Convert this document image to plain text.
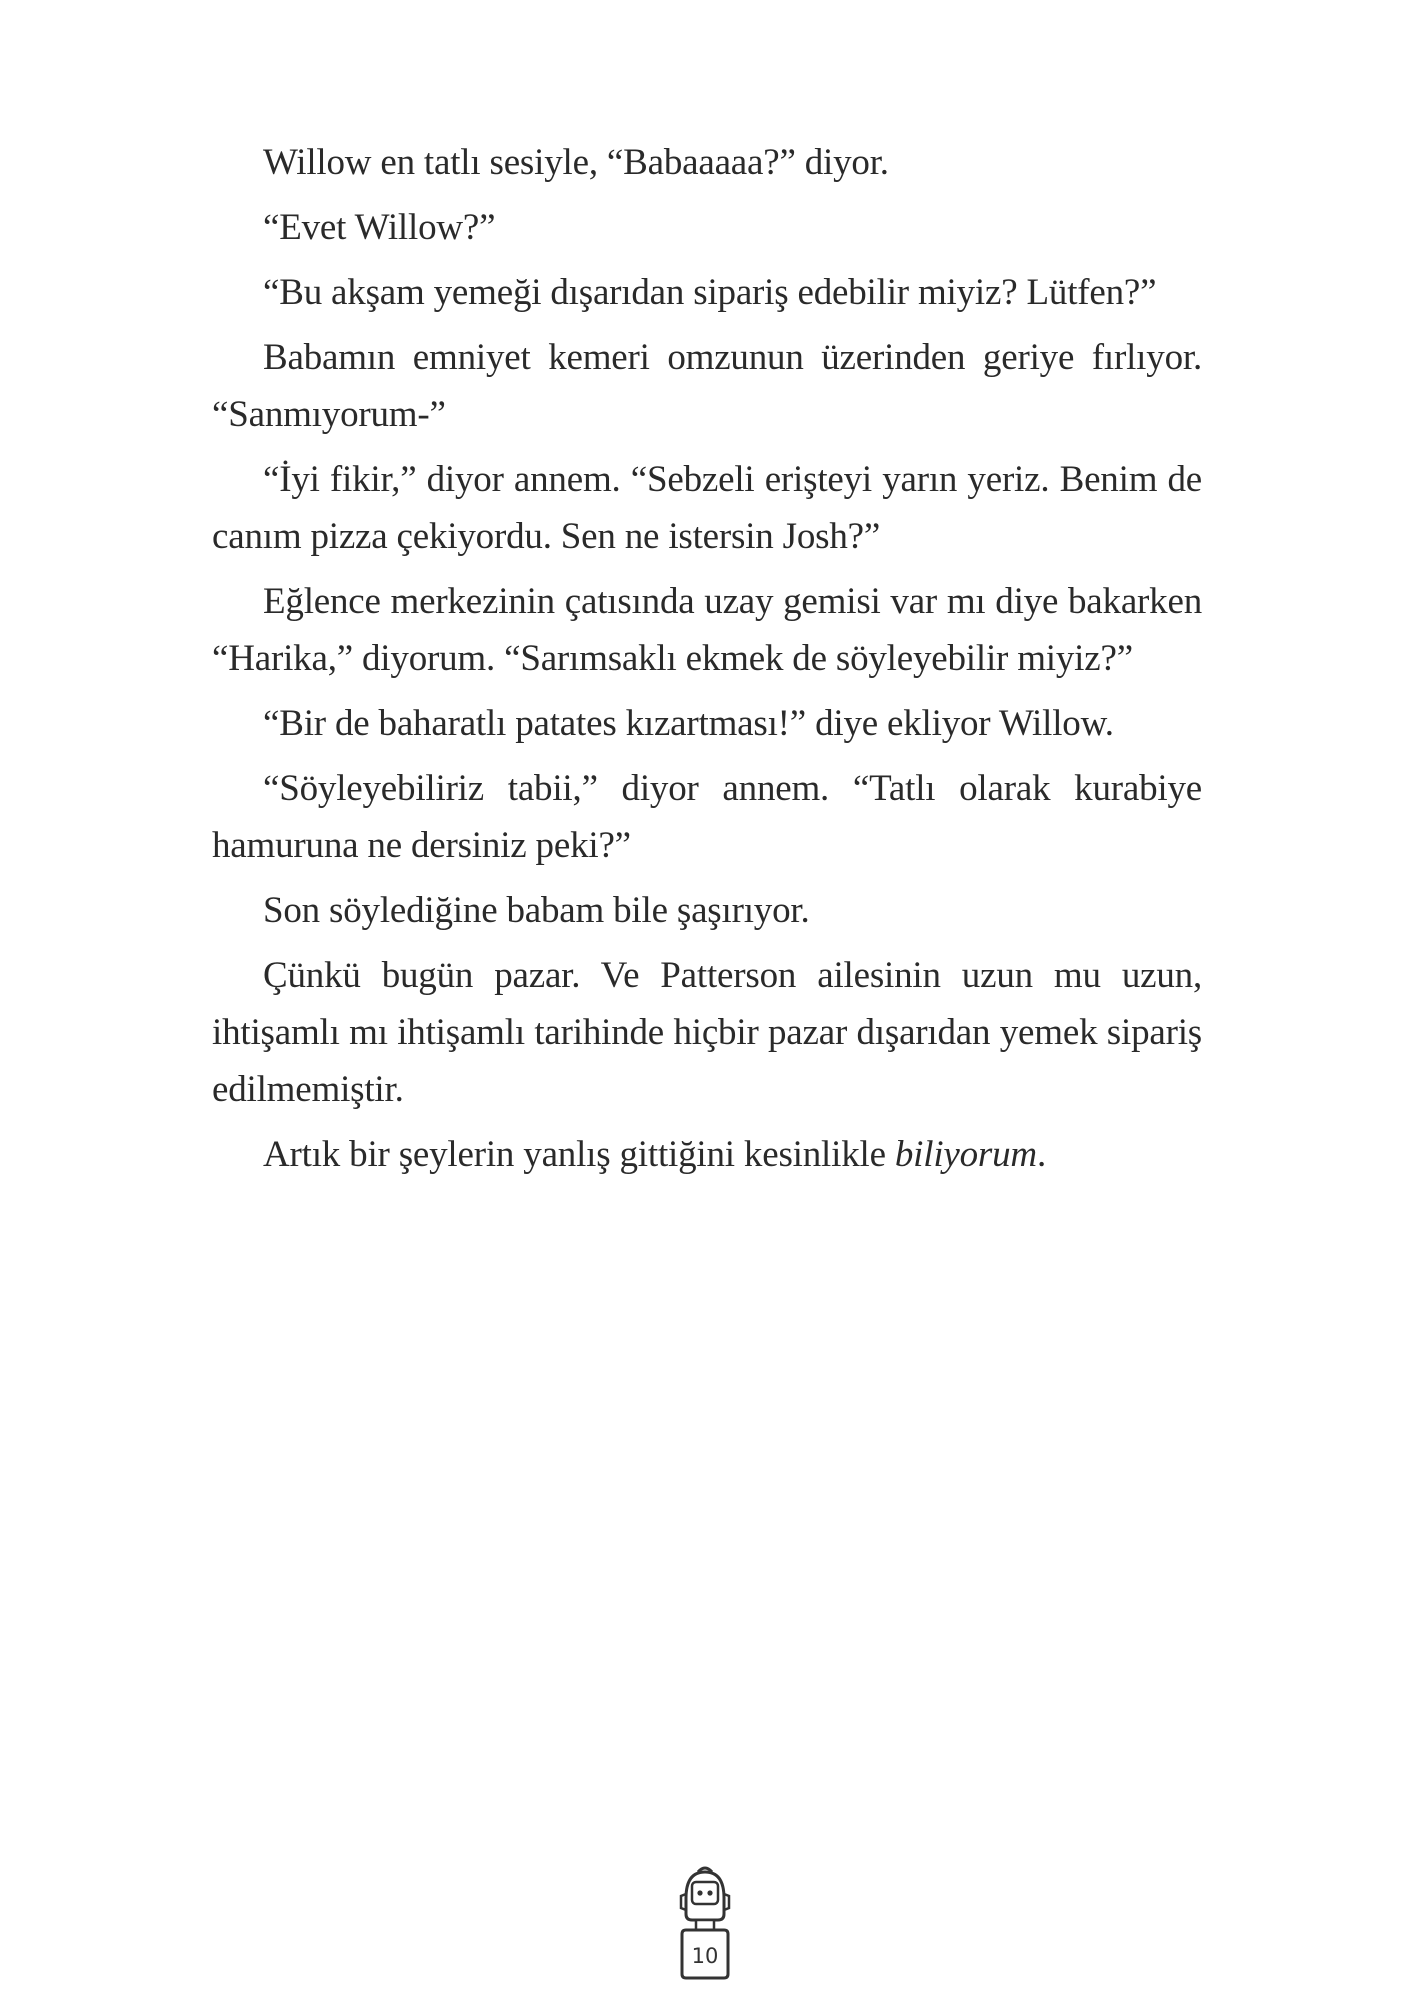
Willow en tatlı sesiyle, “Babaaaaa?” diyor.

“Evet Willow?”

“Bu akşam yemeği dışarıdan sipariş edebilir miyiz? Lütfen?”

Babamın emniyet kemeri omzunun üzerinden geriye fırlıyor. “Sanmıyorum-”

“İyi fikir,” diyor annem. “Sebzeli erişteyi yarın yeriz. Benim de canım pizza çekiyordu. Sen ne istersin Josh?”

Eğlence merkezinin çatısında uzay gemisi var mı diye bakarken “Harika,” diyorum. “Sarımsaklı ekmek de söyleyebilir miyiz?”

“Bir de baharatlı patates kızartması!” diye ekliyor Willow.

“Söyleyebiliriz tabii,” diyor annem. “Tatlı olarak kurabiye hamuruna ne dersiniz peki?”

Son söylediğine babam bile şaşırıyor.

Çünkü bugün pazar. Ve Patterson ailesinin uzun mu uzun, ihtişamlı mı ihtişamlı tarihinde hiçbir pazar dışarıdan yemek sipariş edilmemiştir.

Artık bir şeylerin yanlış gittiğini kesinlikle biliyorum.

10
